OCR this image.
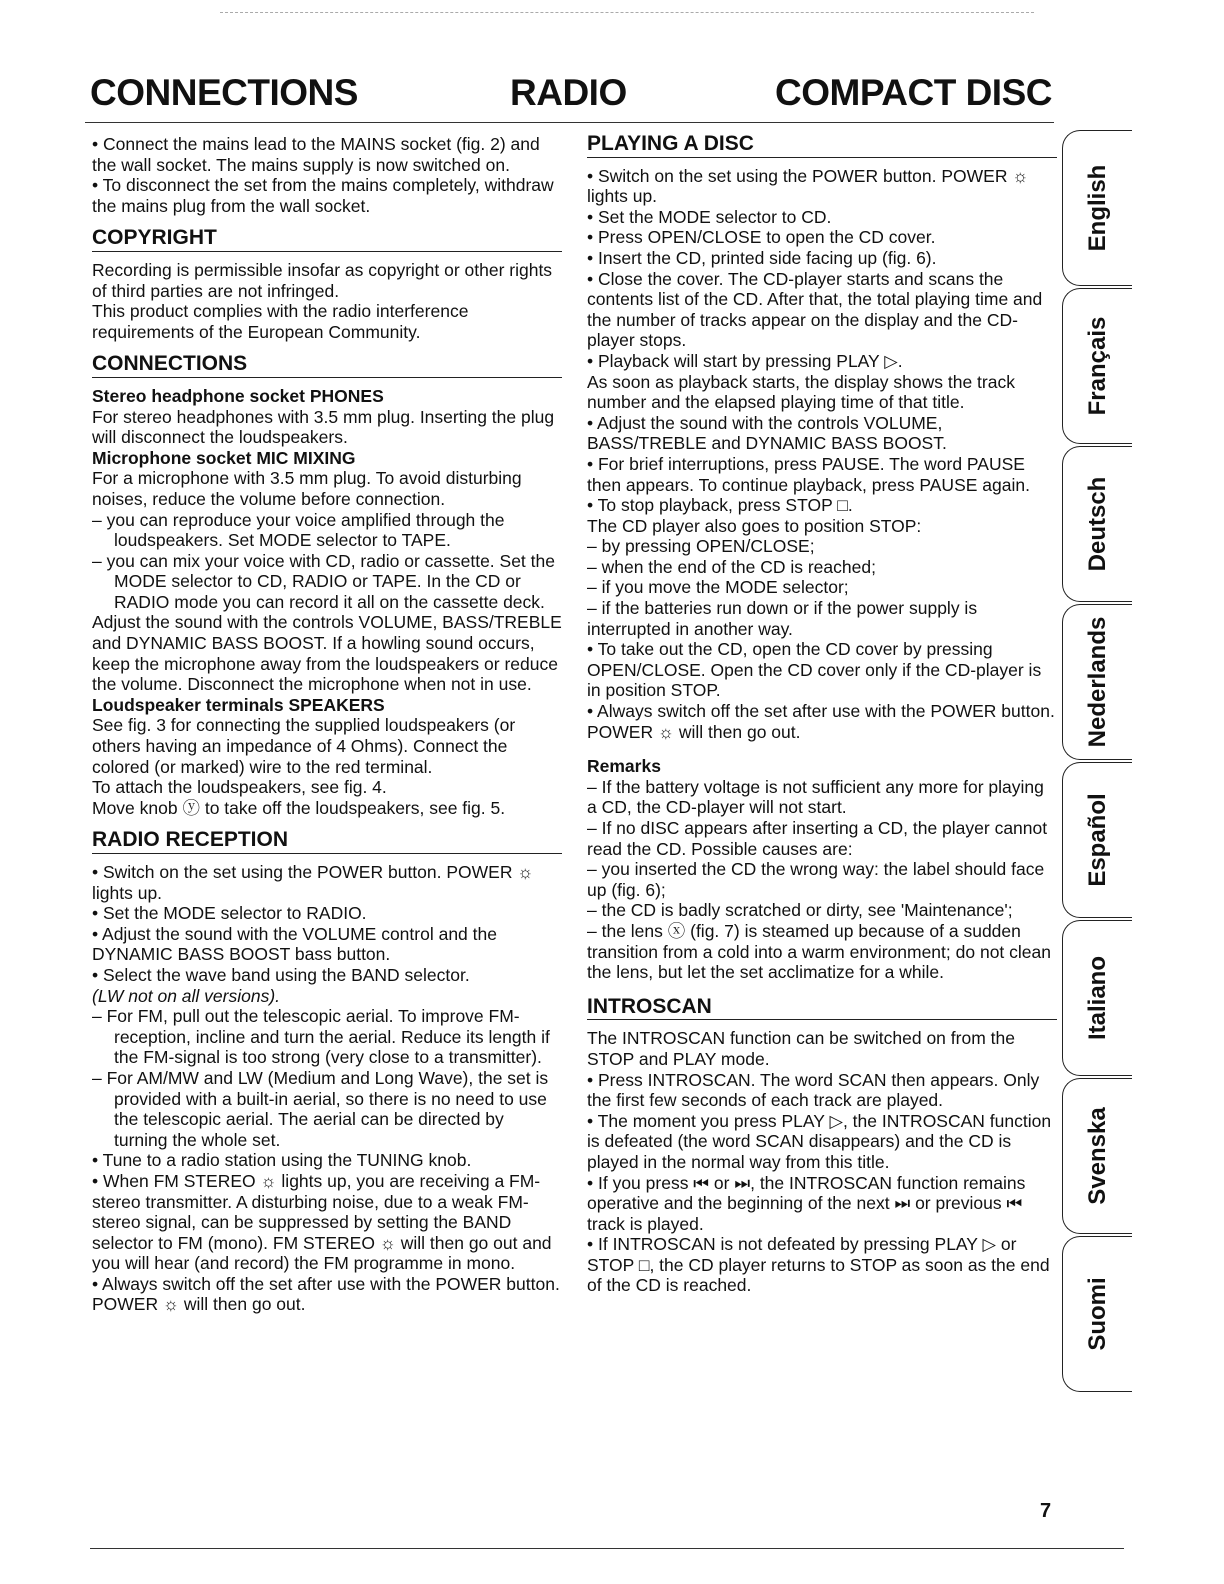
CONNECTIONS	RADIO	COMPACT DISC

• Connect the mains lead to the MAINS socket (fig. 2) and the wall socket. The mains supply is now switched on.

• To disconnect the set from the mains completely, withdraw the mains plug from the wall socket.

COPYRIGHT

Recording is permissible insofar as copyright or other rights of third parties are not infringed.

This product complies with the radio interference requirements of the European Community.

CONNECTIONS

Stereo headphone socket PHONES

For stereo headphones with 3.5 mm plug. Inserting the plug will disconnect the loudspeakers.

Microphone socket MIC MIXING

For a microphone with 3.5 mm plug. To avoid disturbing noises, reduce the volume before connection.

– you can reproduce your voice amplified through the loudspeakers. Set MODE selector to TAPE.

– you can mix your voice with CD, radio or cassette. Set the MODE selector to CD, RADIO or TAPE. In the CD or RADIO mode you can record it all on the cassette deck.

Adjust the sound with the controls VOLUME, BASS/TREBLE and DYNAMIC BASS BOOST. If a howling sound occurs, keep the microphone away from the loudspeakers or reduce the volume. Disconnect the microphone when not in use.

Loudspeaker terminals SPEAKERS

See fig. 3 for connecting the supplied loudspeakers (or others having an impedance of 4 Ohms). Connect the colored (or marked) wire to the red terminal.

To attach the loudspeakers, see fig. 4.

Move knob ⓨ to take off the loudspeakers, see fig. 5.

RADIO RECEPTION

• Switch on the set using the POWER button. POWER ☼ lights up.

• Set the MODE selector to RADIO.

• Adjust the sound with the VOLUME control and the DYNAMIC BASS BOOST bass button.

• Select the wave band using the BAND selector.

(LW not on all versions).

– For FM, pull out the telescopic aerial. To improve FM-reception, incline and turn the aerial. Reduce its length if the FM-signal is too strong (very close to a transmitter).

– For AM/MW and LW (Medium and Long Wave), the set is provided with a built-in aerial, so there is no need to use the telescopic aerial. The aerial can be directed by turning the whole set.

• Tune to a radio station using the TUNING knob.

• When FM STEREO ☼ lights up, you are receiving a FM-stereo transmitter. A disturbing noise, due to a weak FM-stereo signal, can be suppressed by setting the BAND selector to FM (mono). FM STEREO ☼ will then go out and you will hear (and record) the FM programme in mono.

• Always switch off the set after use with the POWER button. POWER ☼ will then go out.

PLAYING A DISC

• Switch on the set using the POWER button. POWER ☼ lights up.

• Set the MODE selector to CD.

• Press OPEN/CLOSE to open the CD cover.

• Insert the CD, printed side facing up (fig. 6).

• Close the cover. The CD-player starts and scans the contents list of the CD. After that, the total playing time and the number of tracks appear on the display and the CD-player stops.

• Playback will start by pressing PLAY ▷.

As soon as playback starts, the display shows the track number and the elapsed playing time of that title.

• Adjust the sound with the controls VOLUME, BASS/TREBLE and DYNAMIC BASS BOOST.

• For brief interruptions, press PAUSE. The word PAUSE then appears. To continue playback, press PAUSE again.

• To stop playback, press STOP □.

The CD player also goes to position STOP:

– by pressing OPEN/CLOSE;

– when the end of the CD is reached;

– if you move the MODE selector;

– if the batteries run down or if the power supply is interrupted in another way.

• To take out the CD, open the CD cover by pressing OPEN/CLOSE. Open the CD cover only if the CD-player is in position STOP.

• Always switch off the set after use with the POWER button. POWER ☼ will then go out.

Remarks

– If the battery voltage is not sufficient any more for playing a CD, the CD-player will not start.

– If no dISC appears after inserting a CD, the player cannot read the CD. Possible causes are:

– you inserted the CD the wrong way: the label should face up (fig. 6);

– the CD is badly scratched or dirty, see 'Maintenance';

– the lens ⓧ (fig. 7) is steamed up because of a sudden transition from a cold into a warm environment; do not clean the lens, but let the set acclimatize for a while.

INTROSCAN

The INTROSCAN function can be switched on from the STOP and PLAY mode.

• Press INTROSCAN. The word SCAN then appears. Only the first few seconds of each track are played.

• The moment you press PLAY ▷, the INTROSCAN function is defeated (the word SCAN disappears) and the CD is played in the normal way from this title.

• If you press ⏮ or ⏭, the INTROSCAN function remains operative and the beginning of the next ⏭ or previous ⏮ track is played.

• If INTROSCAN is not defeated by pressing PLAY ▷ or STOP □, the CD player returns to STOP as soon as the end of the CD is reached.

English
Français
Deutsch
Nederlands
Español
Italiano
Svenska
Suomi
7
